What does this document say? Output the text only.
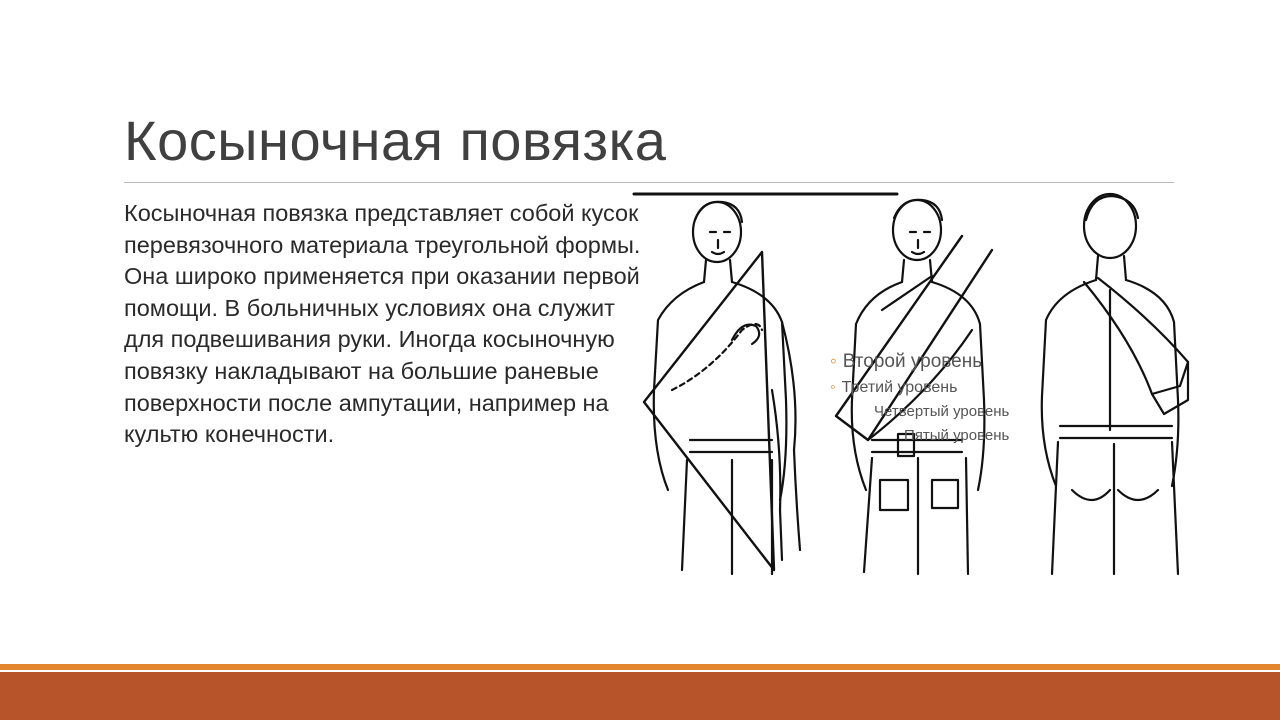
Косыночная повязка

Косыночная повязка представляет собой кусок перевязочного материала треугольной формы. Она широко применяется при оказании первой помощи. В больничных условиях она служит для подвешивания руки. Иногда косыночную повязку накладывают на большие раневые поверхности после ампутации, например на культю конечности.

◦ Второй уровень
◦ Третий уровень
Четвертый уровень
Пятый уровень
